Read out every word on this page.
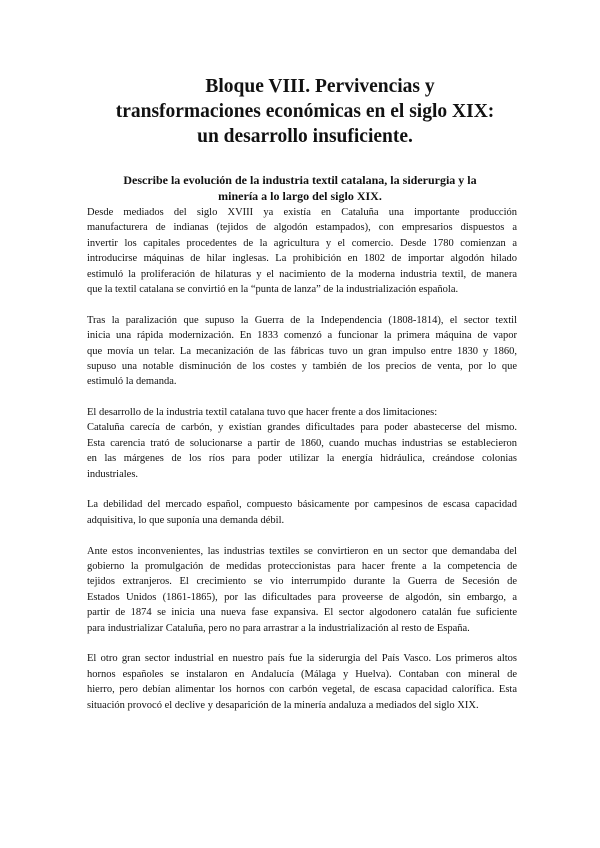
Bloque VIII. Pervivencias y
transformaciones económicas en el siglo XIX:
un desarrollo insuficiente.
Describe la evolución de la industria textil catalana, la siderurgia y la
minería a lo largo del siglo XIX.
Desde mediados del siglo XVIII ya existía en Cataluña una importante producción
manufacturera de indianas (tejidos de algodón estampados), con empresarios dispuestos a
invertir los capitales procedentes de la agricultura y el comercio. Desde 1780 comienzan a
introducirse máquinas de hilar inglesas. La prohibición en 1802 de importar algodón hilado
estimuló la proliferación de hilaturas y el nacimiento de la moderna industria textil, de manera
que la textil catalana se convirtió en la “punta de lanza” de la industrialización española.
Tras la paralización que supuso la Guerra de la Independencia (1808-1814), el sector textil
inicia una rápida modernización. En 1833 comenzó a funcionar la primera máquina de vapor
que movía un telar. La mecanización de las fábricas tuvo un gran impulso entre 1830 y 1860,
supuso una notable disminución de los costes y también de los precios de venta, por lo que
estimuló la demanda.
El desarrollo de la industria textil catalana tuvo que hacer frente a dos limitaciones:
Cataluña carecía de carbón, y existían grandes dificultades para poder abastecerse del mismo.
Esta carencia trató de solucionarse a partir de 1860, cuando muchas industrias se establecieron
en las márgenes de los ríos para poder utilizar la energía hidráulica, creándose colonias
industriales.
La debilidad del mercado español, compuesto básicamente por campesinos de escasa capacidad
adquisitiva, lo que suponía una demanda débil.
Ante estos inconvenientes, las industrias textiles se convirtieron en un sector que demandaba del
gobierno la promulgación de medidas proteccionistas para hacer frente a la competencia de
tejidos extranjeros. El crecimiento se vio interrumpido durante la Guerra de Secesión de
Estados Unidos (1861-1865), por las dificultades para proveerse de algodón, sin embargo, a
partir de 1874 se inicia una nueva fase expansiva. El sector algodonero catalán fue suficiente
para industrializar Cataluña, pero no para arrastrar a la industrialización al resto de España.
El otro gran sector industrial en nuestro país fue la siderurgia del País Vasco. Los primeros altos
hornos españoles se instalaron en Andalucía (Málaga y Huelva). Contaban con mineral de
hierro, pero debían alimentar los hornos con carbón vegetal, de escasa capacidad calorífica. Esta
situación provocó el declive y desaparición de la minería andaluza a mediados del siglo XIX.
